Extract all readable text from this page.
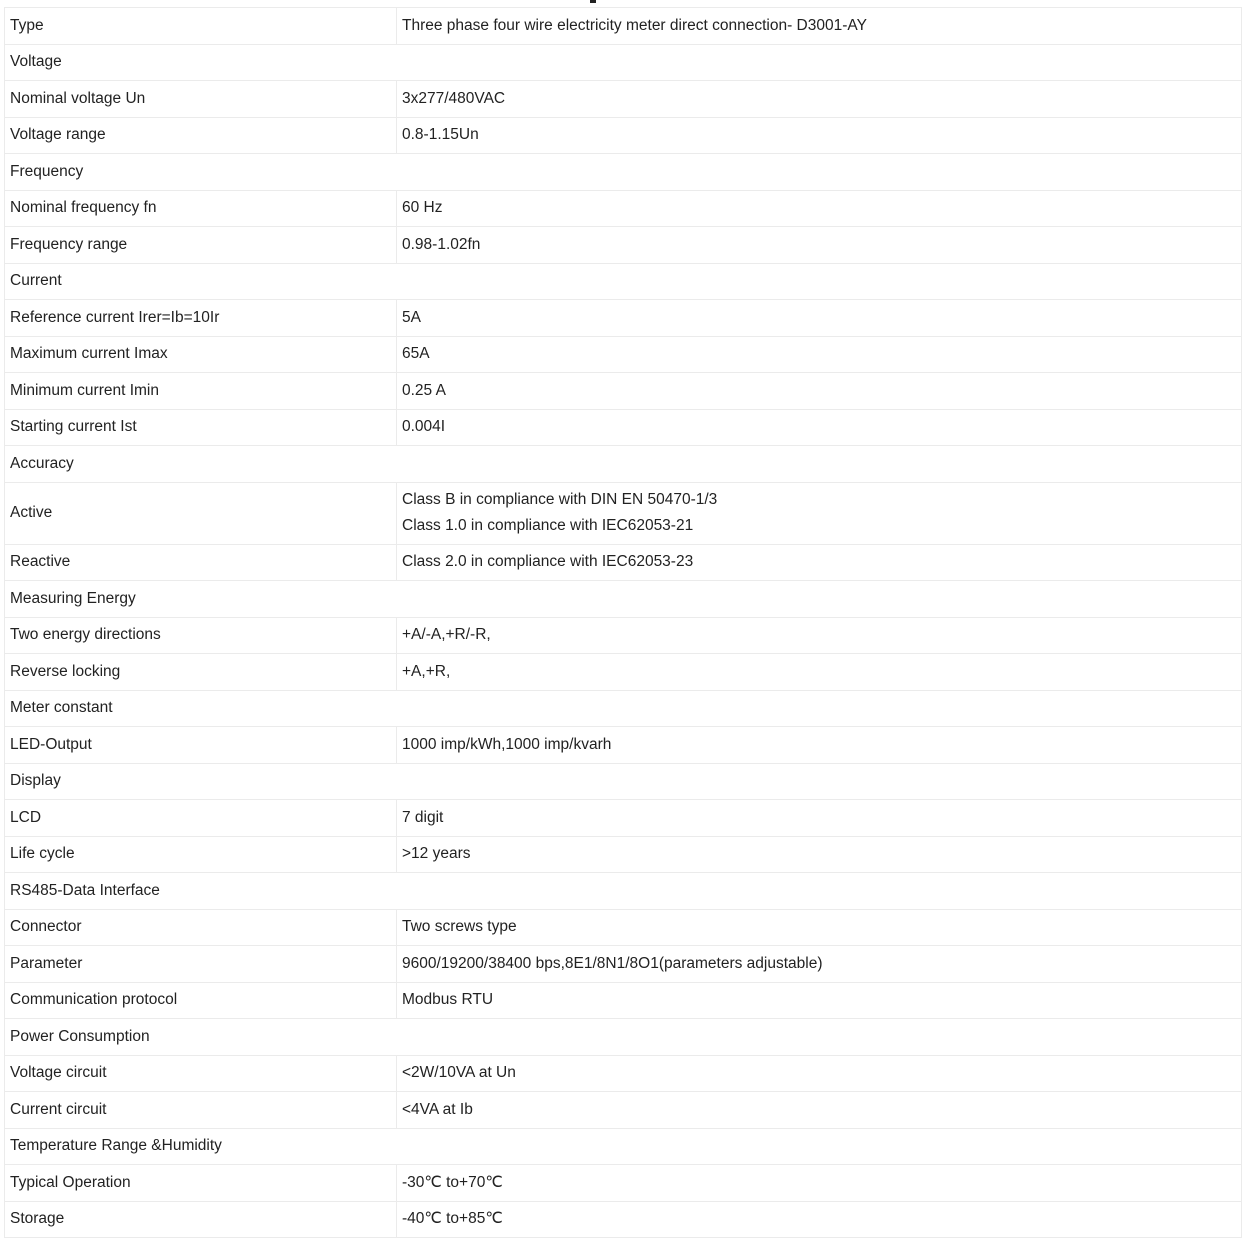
Type	Three phase four wire electricity meter direct connection- D3001-AY

Voltage	
Nominal voltage Un	3x277/480VAC

Voltage range	0.8-1.15Un

Frequency	
Nominal frequency fn	60 Hz

Frequency range	0.98-1.02fn

Current	
Reference current Irer=Ib=10Ir	5A

Maximum current Imax	65A

Minimum current Imin	0.25 A

Starting current Ist	0.004I

Accuracy	
Active	Class B in compliance with DIN EN 50470-1/3
Class 1.0 in compliance with IEC62053-21

Reactive	Class 2.0 in compliance with IEC62053-23

Measuring Energy	
Two energy directions	+A/-A,+R/-R,

Reverse locking	+A,+R,

Meter constant	
LED-Output	1000 imp/kWh,1000 imp/kvarh

Display	
LCD	7 digit

Life cycle	>12 years

RS485-Data Interface	
Connector	Two screws type

Parameter	9600/19200/38400 bps,8E1/8N1/8O1(parameters adjustable)

Communication protocol	Modbus RTU

Power Consumption	
Voltage circuit	<2W/10VA at Un

Current circuit	<4VA at Ib

Temperature Range &Humidity	
Typical Operation	-30℃ to+70℃

Storage	-40℃ to+85℃
